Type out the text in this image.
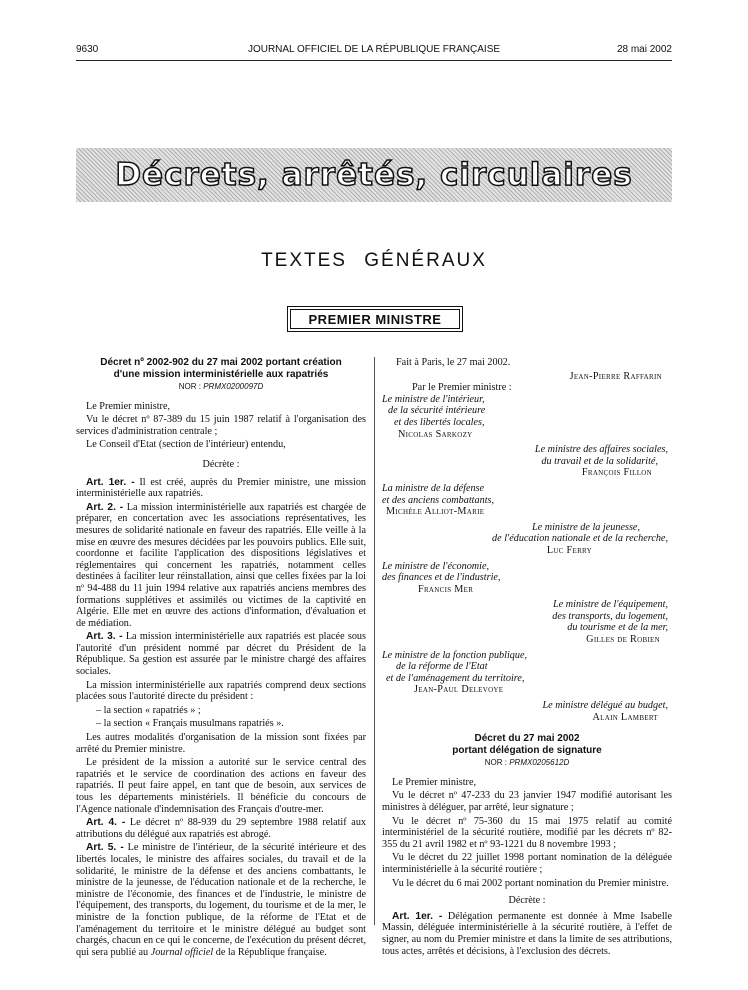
9630	JOURNAL OFFICIEL DE LA RÉPUBLIQUE FRANÇAISE	28 mai 2002
Décrets, arrêtés, circulaires
TEXTES GÉNÉRAUX
PREMIER MINISTRE
Décret nº 2002-902 du 27 mai 2002 portant création
d'une mission interministérielle aux rapatriés
NOR : PRMX0200097D

Le Premier ministre,

Vu le décret nº 87-389 du 15 juin 1987 relatif à l'organisation des services d'administration centrale ;

Le Conseil d'Etat (section de l'intérieur) entendu,

Décrète :

Art. 1er. - Il est créé, auprès du Premier ministre, une mission interministérielle aux rapatriés.

Art. 2. - La mission interministérielle aux rapatriés est chargée de préparer, en concertation avec les associations représentatives, les mesures de solidarité nationale en faveur des rapatriés. Elle veille à la mise en œuvre des mesures décidées par les pouvoirs publics. Elle suit, coordonne et facilite l'application des dispositions législatives et réglementaires qui concernent les rapatriés, notamment celles destinées à faciliter leur réinstallation, ainsi que celles fixées par la loi nº 94-488 du 11 juin 1994 relative aux rapatriés anciens membres des formations supplétives et assimilés ou victimes de la captivité en Algérie. Elle met en œuvre des actions d'information, d'évaluation et de médiation.

Art. 3. - La mission interministérielle aux rapatriés est placée sous l'autorité d'un président nommé par décret du Président de la République. Sa gestion est assurée par le ministre chargé des affaires sociales.

La mission interministérielle aux rapatriés comprend deux sections placées sous l'autorité directe du président :

– la section « rapatriés » ;

– la section « Français musulmans rapatriés ».

Les autres modalités d'organisation de la mission sont fixées par arrêté du Premier ministre.

Le président de la mission a autorité sur le service central des rapatriés et le service de coordination des actions en faveur des rapatriés. Il peut faire appel, en tant que de besoin, aux services de tous les départements ministériels. Il bénéficie du concours de l'Agence nationale d'indemnisation des Français d'outre-mer.

Art. 4. - Le décret nº 88-939 du 29 septembre 1988 relatif aux attributions du délégué aux rapatriés est abrogé.

Art. 5. - Le ministre de l'intérieur, de la sécurité intérieure et des libertés locales, le ministre des affaires sociales, du travail et de la solidarité, le ministre de la défense et des anciens combattants, le ministre de la jeunesse, de l'éducation nationale et de la recherche, le ministre de l'économie, des finances et de l'industrie, le ministre de l'équipement, des transports, du logement, du tourisme et de la mer, le ministre de la fonction publique, de la réforme de l'Etat et de l'aménagement du territoire et le ministre délégué au budget sont chargés, chacun en ce qui le concerne, de l'exécution du présent décret, qui sera publié au Journal officiel de la République française.

Fait à Paris, le 27 mai 2002.

Jean-Pierre Raffarin
Par le Premier ministre :
Le ministre de l'intérieur,
de la sécurité intérieure
et des libertés locales,
Nicolas Sarkozy
Le ministre des affaires sociales,
du travail et de la solidarité,
François Fillon
La ministre de la défense
et des anciens combattants,
Michèle Alliot-Marie
Le ministre de la jeunesse,
de l'éducation nationale et de la recherche,
Luc Ferry
Le ministre de l'économie,
des finances et de l'industrie,
Francis Mer
Le ministre de l'équipement,
des transports, du logement,
du tourisme et de la mer,
Gilles de Robien
Le ministre de la fonction publique,
de la réforme de l'Etat
et de l'aménagement du territoire,
Jean-Paul Delevoye
Le ministre délégué au budget,
Alain Lambert
Décret du 27 mai 2002
portant délégation de signature
NOR : PRMX0205612D

Le Premier ministre,

Vu le décret nº 47-233 du 23 janvier 1947 modifié autorisant les ministres à déléguer, par arrêté, leur signature ;

Vu le décret nº 75-360 du 15 mai 1975 relatif au comité interministériel de la sécurité routière, modifié par les décrets nº 82-355 du 21 avril 1982 et nº 93-1221 du 8 novembre 1993 ;

Vu le décret du 22 juillet 1998 portant nomination de la déléguée interministérielle à la sécurité routière ;

Vu le décret du 6 mai 2002 portant nomination du Premier ministre.

Décrète :

Art. 1er. - Délégation permanente est donnée à Mme Isabelle Massin, déléguée interministérielle à la sécurité routière, à l'effet de signer, au nom du Premier ministre et dans la limite de ses attributions, tous actes, arrêtés et décisions, à l'exclusion des décrets.
